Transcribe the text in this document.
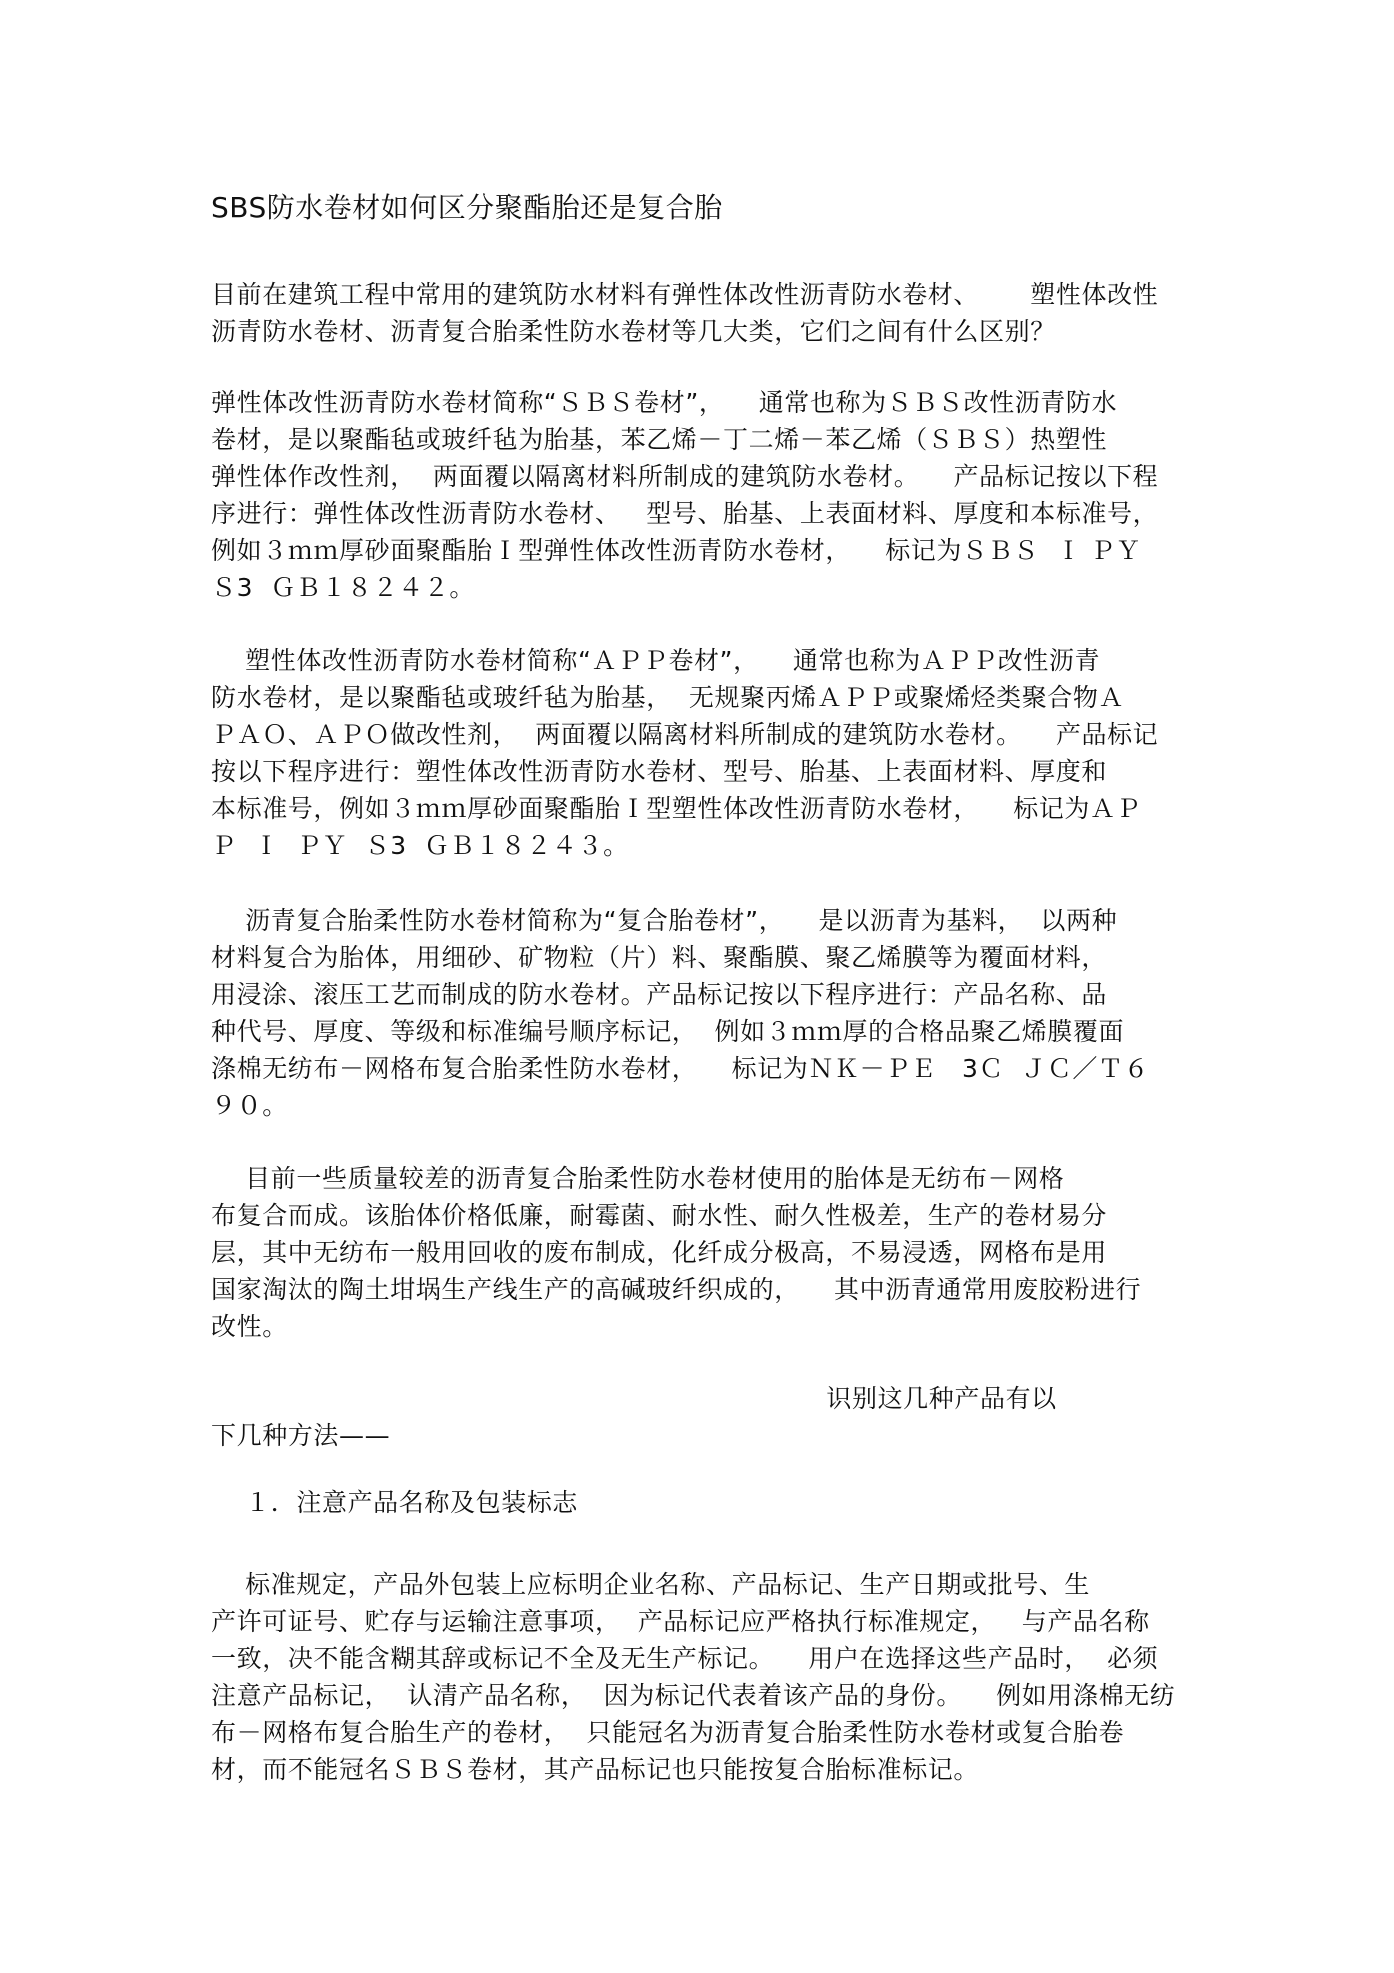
SBS防水卷材如何区分聚酯胎还是复合胎
目前在建筑工程中常用的建筑防水材料有弹性体改性沥青防水卷材、      塑性体改性
沥青防水卷材、沥青复合胎柔性防水卷材等几大类，它们之间有什么区别？
弹性体改性沥青防水卷材简称“ＳＢＳ卷材”，    通常也称为ＳＢＳ改性沥青防水
卷材，是以聚酯毡或玻纤毡为胎基，苯乙烯－丁二烯－苯乙烯（ＳＢＳ）热塑性
弹性体作改性剂，  两面覆以隔离材料所制成的建筑防水卷材。    产品标记按以下程
序进行：弹性体改性沥青防水卷材、   型号、胎基、上表面材料、厚度和本标准号，
例如３ｍｍ厚砂面聚酯胎Ｉ型弹性体改性沥青防水卷材，    标记为ＳＢＳ  Ｉ ＰＹ
Ｓ3  ＧＢ１８２４２。
塑性体改性沥青防水卷材简称“ＡＰＰ卷材”，    通常也称为ＡＰＰ改性沥青
防水卷材，是以聚酯毡或玻纤毡为胎基，  无规聚丙烯ＡＰＰ或聚烯烃类聚合物Ａ
ＰＡＯ、ＡＰＯ做改性剂，  两面覆以隔离材料所制成的建筑防水卷材。    产品标记
按以下程序进行：塑性体改性沥青防水卷材、型号、胎基、上表面材料、厚度和
本标准号，例如３ｍｍ厚砂面聚酯胎Ｉ型塑性体改性沥青防水卷材，    标记为ＡＰ
Ｐ  Ｉ  ＰＹ  Ｓ3  ＧＢ１８２４３。
沥青复合胎柔性防水卷材简称为“复合胎卷材”，    是以沥青为基料，  以两种
材料复合为胎体，用细砂、矿物粒（片）料、聚酯膜、聚乙烯膜等为覆面材料，
用浸涂、滚压工艺而制成的防水卷材。产品标记按以下程序进行：产品名称、品
种代号、厚度、等级和标准编号顺序标记，  例如３ｍｍ厚的合格品聚乙烯膜覆面
涤棉无纺布－网格布复合胎柔性防水卷材，    标记为ＮＫ－ＰＥ   3Ｃ  ＪＣ／Ｔ６
９０。
目前一些质量较差的沥青复合胎柔性防水卷材使用的胎体是无纺布－网格
布复合而成。该胎体价格低廉，耐霉菌、耐水性、耐久性极差，生产的卷材易分
层，其中无纺布一般用回收的废布制成，化纤成分极高，不易浸透，网格布是用
国家淘汰的陶土坩埚生产线生产的高碱玻纤织成的，    其中沥青通常用废胶粉进行
改性。
识别这几种产品有以
下几种方法——
１．注意产品名称及包装标志
标准规定，产品外包装上应标明企业名称、产品标记、生产日期或批号、生
产许可证号、贮存与运输注意事项，  产品标记应严格执行标准规定，   与产品名称
一致，决不能含糊其辞或标记不全及无生产标记。    用户在选择这些产品时，  必须
注意产品标记，  认清产品名称，  因为标记代表着该产品的身份。    例如用涤棉无纺
布－网格布复合胎生产的卷材，  只能冠名为沥青复合胎柔性防水卷材或复合胎卷
材，而不能冠名ＳＢＳ卷材，其产品标记也只能按复合胎标准标记。
